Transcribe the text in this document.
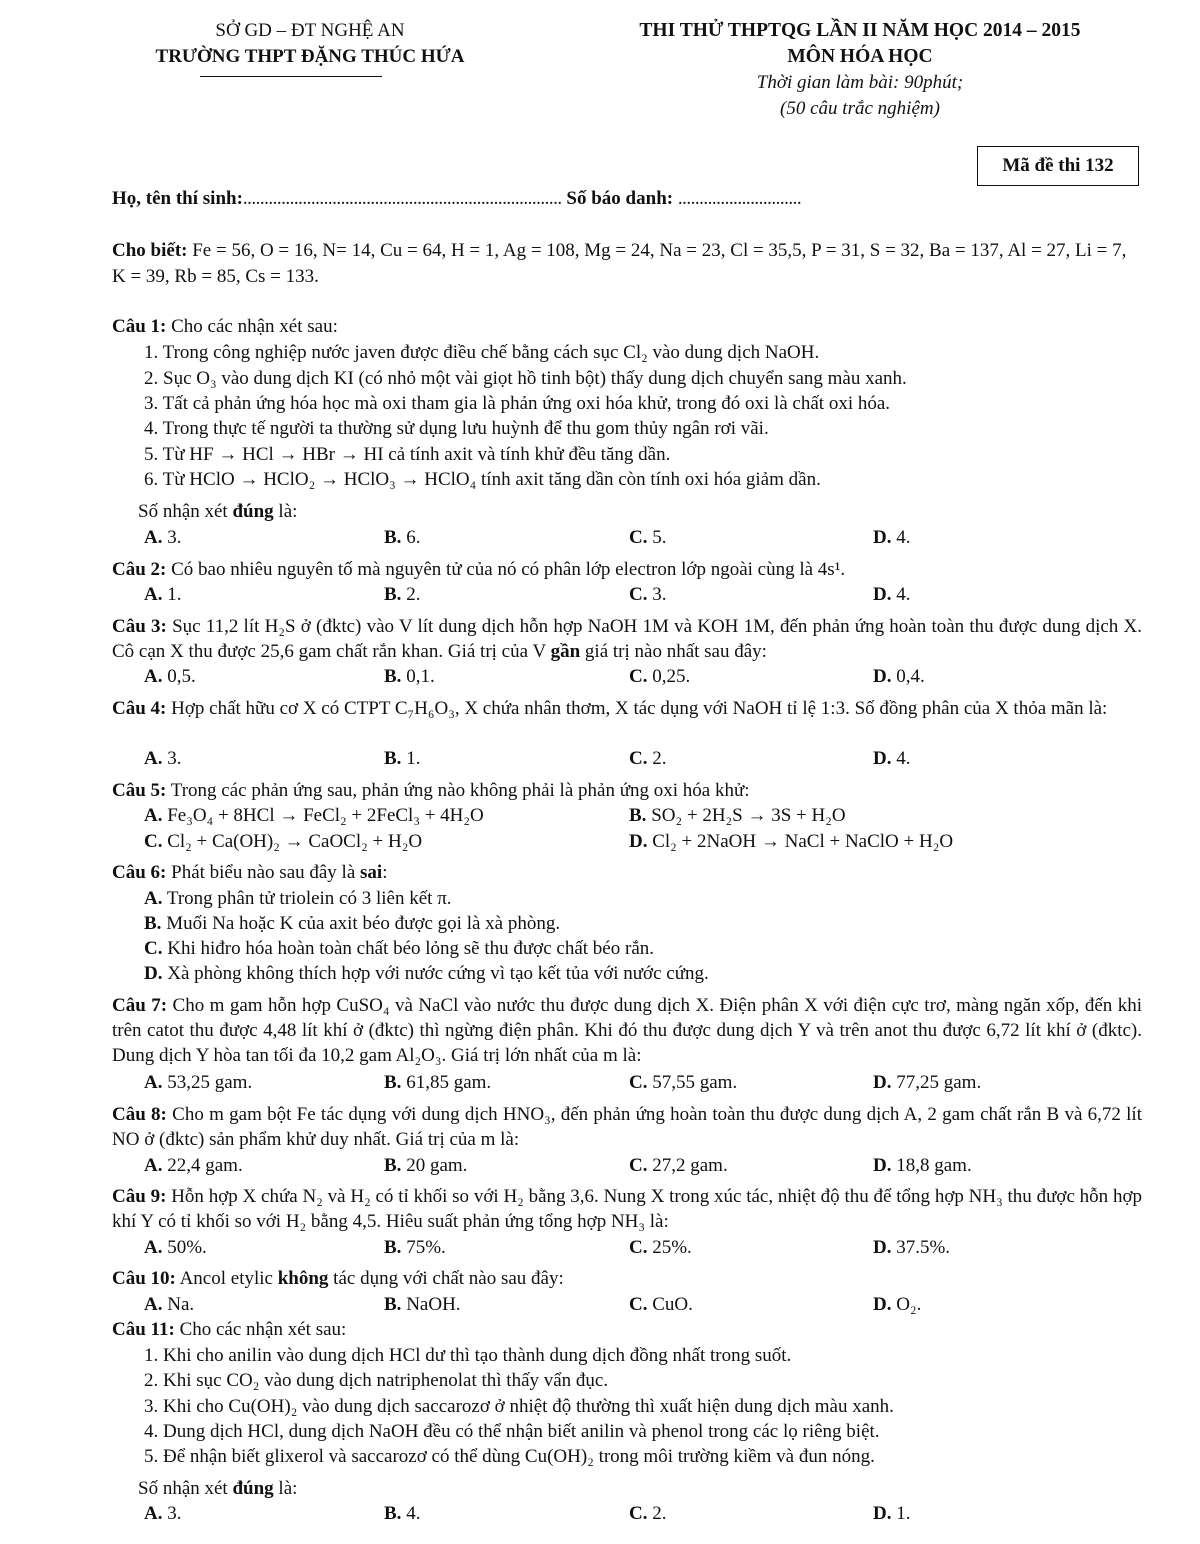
SỞ GD – ĐT NGHỆ AN
TRƯỜNG THPT ĐẶNG THÚC HỨA
THI THỬ THPTQG LẦN II NĂM HỌC 2014 – 2015
MÔN HÓA HỌC
Thời gian làm bài: 90phút;
(50 câu trắc nghiệm)
Mã đề thi 132
Họ, tên thí sinh:........................................................................... Số báo danh: .............................
Cho biết: Fe = 56, O = 16, N= 14, Cu = 64, H = 1, Ag = 108, Mg = 24, Na = 23, Cl = 35,5, P = 31, S = 32, Ba = 137, Al = 27, Li = 7, K = 39, Rb = 85, Cs = 133.
Câu 1: Cho các nhận xét sau:
1. Trong công nghiệp nước javen được điều chế bằng cách sục Cl₂ vào dung dịch NaOH.
2. Sục O₃ vào dung dịch KI (có nhỏ một vài giọt hồ tinh bột) thấy dung dịch chuyển sang màu xanh.
3. Tất cả phản ứng hóa học mà oxi tham gia là phản ứng oxi hóa khử, trong đó oxi là chất oxi hóa.
4. Trong thực tế người ta thường sử dụng lưu huỳnh để thu gom thủy ngân rơi vãi.
5. Từ HF → HCl → HBr → HI cả tính axit và tính khử đều tăng dần.
6. Từ HClO → HClO₂ → HClO₃ → HClO₄ tính axit tăng dần còn tính oxi hóa giảm dần.
Số nhận xét đúng là:
A. 3.	B. 6.	C. 5.	D. 4.
Câu 2: Có bao nhiêu nguyên tố mà nguyên tử của nó có phân lớp electron lớp ngoài cùng là 4s¹.
A. 1.	B. 2.	C. 3.	D. 4.
Câu 3: Sục 11,2 lít H₂S ở (đktc) vào V lít dung dịch hỗn hợp NaOH 1M và KOH 1M, đến phản ứng hoàn toàn thu được dung dịch X. Cô cạn X thu được 25,6 gam chất rắn khan. Giá trị của V gần giá trị nào nhất sau đây:
A. 0,5.	B. 0,1.	C. 0,25.	D. 0,4.
Câu 4: Hợp chất hữu cơ X có CTPT C₇H₆O₃, X chứa nhân thơm, X tác dụng với NaOH tỉ lệ 1:3. Số đồng phân của X thỏa mãn là:
A. 3.	B. 1.	C. 2.	D. 4.
Câu 5: Trong các phản ứng sau, phản ứng nào không phải là phản ứng oxi hóa khử:
A. Fe₃O₄ + 8HCl → FeCl₂ + 2FeCl₃ + 4H₂O	B. SO₂ + 2H₂S → 3S + H₂O
C. Cl₂ + Ca(OH)₂ → CaOCl₂ + H₂O	D. Cl₂ + 2NaOH → NaCl + NaClO + H₂O
Câu 6: Phát biểu nào sau đây là sai:
A. Trong phân tử triolein có 3 liên kết π.
B. Muối Na hoặc K của axit béo được gọi là xà phòng.
C. Khi hiđro hóa hoàn toàn chất béo lỏng sẽ thu được chất béo rắn.
D. Xà phòng không thích hợp với nước cứng vì tạo kết tủa với nước cứng.
Câu 7: Cho m gam hỗn hợp CuSO₄ và NaCl vào nước thu được dung dịch X. Điện phân X với điện cực trơ, màng ngăn xốp, đến khi trên catot thu được 4,48 lít khí ở (đktc) thì ngừng điện phân. Khi đó thu được dung dịch Y và trên anot thu được 6,72 lít khí ở (đktc). Dung dịch Y hòa tan tối đa 10,2 gam Al₂O₃. Giá trị lớn nhất của m là:
A. 53,25 gam.	B. 61,85 gam.	C. 57,55 gam.	D. 77,25 gam.
Câu 8: Cho m gam bột Fe tác dụng với dung dịch HNO₃, đến phản ứng hoàn toàn thu được dung dịch A, 2 gam chất rắn B và 6,72 lít NO ở (đktc) sản phẩm khử duy nhất. Giá trị của m là:
A. 22,4 gam.	B. 20 gam.	C. 27,2 gam.	D. 18,8 gam.
Câu 9: Hỗn hợp X chứa N₂ và H₂ có tỉ khối so với H₂ bằng 3,6. Nung X trong xúc tác, nhiệt độ thu để tổng hợp NH₃ thu được hỗn hợp khí Y có tỉ khối so với H₂ bằng 4,5. Hiêu suất phản ứng tổng hợp NH₃ là:
A. 50%.	B. 75%.	C. 25%.	D. 37.5%.
Câu 10: Ancol etylic không tác dụng với chất nào sau đây:
A. Na.	B. NaOH.	C. CuO.	D. O₂.
Câu 11: Cho các nhận xét sau:
1. Khi cho anilin vào dung dịch HCl dư thì tạo thành dung dịch đồng nhất trong suốt.
2. Khi sục CO₂ vào dung dịch natriphenolat thì thấy vẩn đục.
3. Khi cho Cu(OH)₂ vào dung dịch saccarozơ ở nhiệt độ thường thì xuất hiện dung dịch màu xanh.
4. Dung dịch HCl, dung dịch NaOH đều có thể nhận biết anilin và phenol trong các lọ riêng biệt.
5. Để nhận biết glixerol và saccarozơ có thể dùng Cu(OH)₂ trong môi trường kiềm và đun nóng.
Số nhận xét đúng là:
A. 3.	B. 4.	C. 2.	D. 1.
